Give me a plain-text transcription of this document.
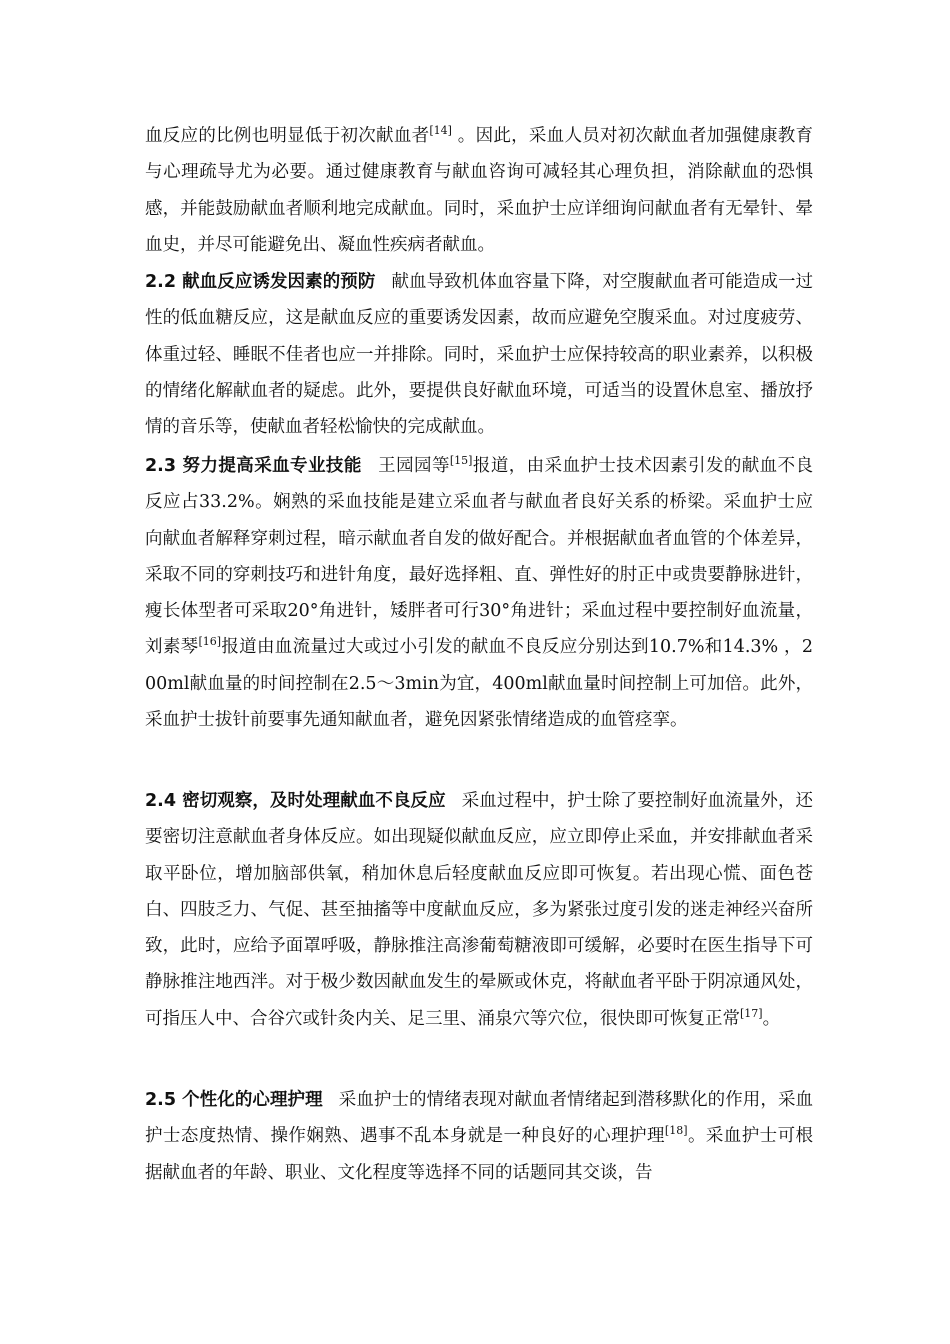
血反应的比例也明显低于初次献血者[14] 。因此，采血人员对初次献血者加强健康教育与心理疏导尤为必要。通过健康教育与献血咨询可减轻其心理负担，消除献血的恐惧感，并能鼓励献血者顺利地完成献血。同时，采血护士应详细询问献血者有无晕针、晕血史，并尽可能避免出、凝血性疾病者献血。

2.2 献血反应诱发因素的预防 献血导致机体血容量下降，对空腹献血者可能造成一过性的低血糖反应，这是献血反应的重要诱发因素，故而应避免空腹采血。对过度疲劳、体重过轻、睡眠不佳者也应一并排除。同时，采血护士应保持较高的职业素养，以积极的情绪化解献血者的疑虑。此外，要提供良好献血环境，可适当的设置休息室、播放抒情的音乐等，使献血者轻松愉快的完成献血。

2.3 努力提高采血专业技能 王园园等[15]报道，由采血护士技术因素引发的献血不良反应占33.2%。娴熟的采血技能是建立采血者与献血者良好关系的桥梁。采血护士应向献血者解释穿刺过程，暗示献血者自发的做好配合。并根据献血者血管的个体差异，采取不同的穿刺技巧和进针角度，最好选择粗、直、弹性好的肘正中或贵要静脉进针，瘦长体型者可采取20°角进针，矮胖者可行30°角进针；采血过程中要控制好血流量，刘素琴[16]报道由血流量过大或过小引发的献血不良反应分别达到10.7%和14.3% ，200ml献血量的时间控制在2.5～3min为宜，400ml献血量时间控制上可加倍。此外，采血护士拔针前要事先通知献血者，避免因紧张情绪造成的血管痉挛。

2.4 密切观察，及时处理献血不良反应 采血过程中，护士除了要控制好血流量外，还要密切注意献血者身体反应。如出现疑似献血反应，应立即停止采血，并安排献血者采取平卧位，增加脑部供氧，稍加休息后轻度献血反应即可恢复。若出现心慌、面色苍白、四肢乏力、气促、甚至抽搐等中度献血反应，多为紧张过度引发的迷走神经兴奋所致，此时，应给予面罩呼吸，静脉推注高渗葡萄糖液即可缓解，必要时在医生指导下可静脉推注地西泮。对于极少数因献血发生的晕厥或休克，将献血者平卧于阴凉通风处，可指压人中、合谷穴或针灸内关、足三里、涌泉穴等穴位，很快即可恢复正常[17]。

2.5 个性化的心理护理 采血护士的情绪表现对献血者情绪起到潜移默化的作用，采血护士态度热情、操作娴熟、遇事不乱本身就是一种良好的心理护理[18]。采血护士可根据献血者的年龄、职业、文化程度等选择不同的话题同其交谈，告
